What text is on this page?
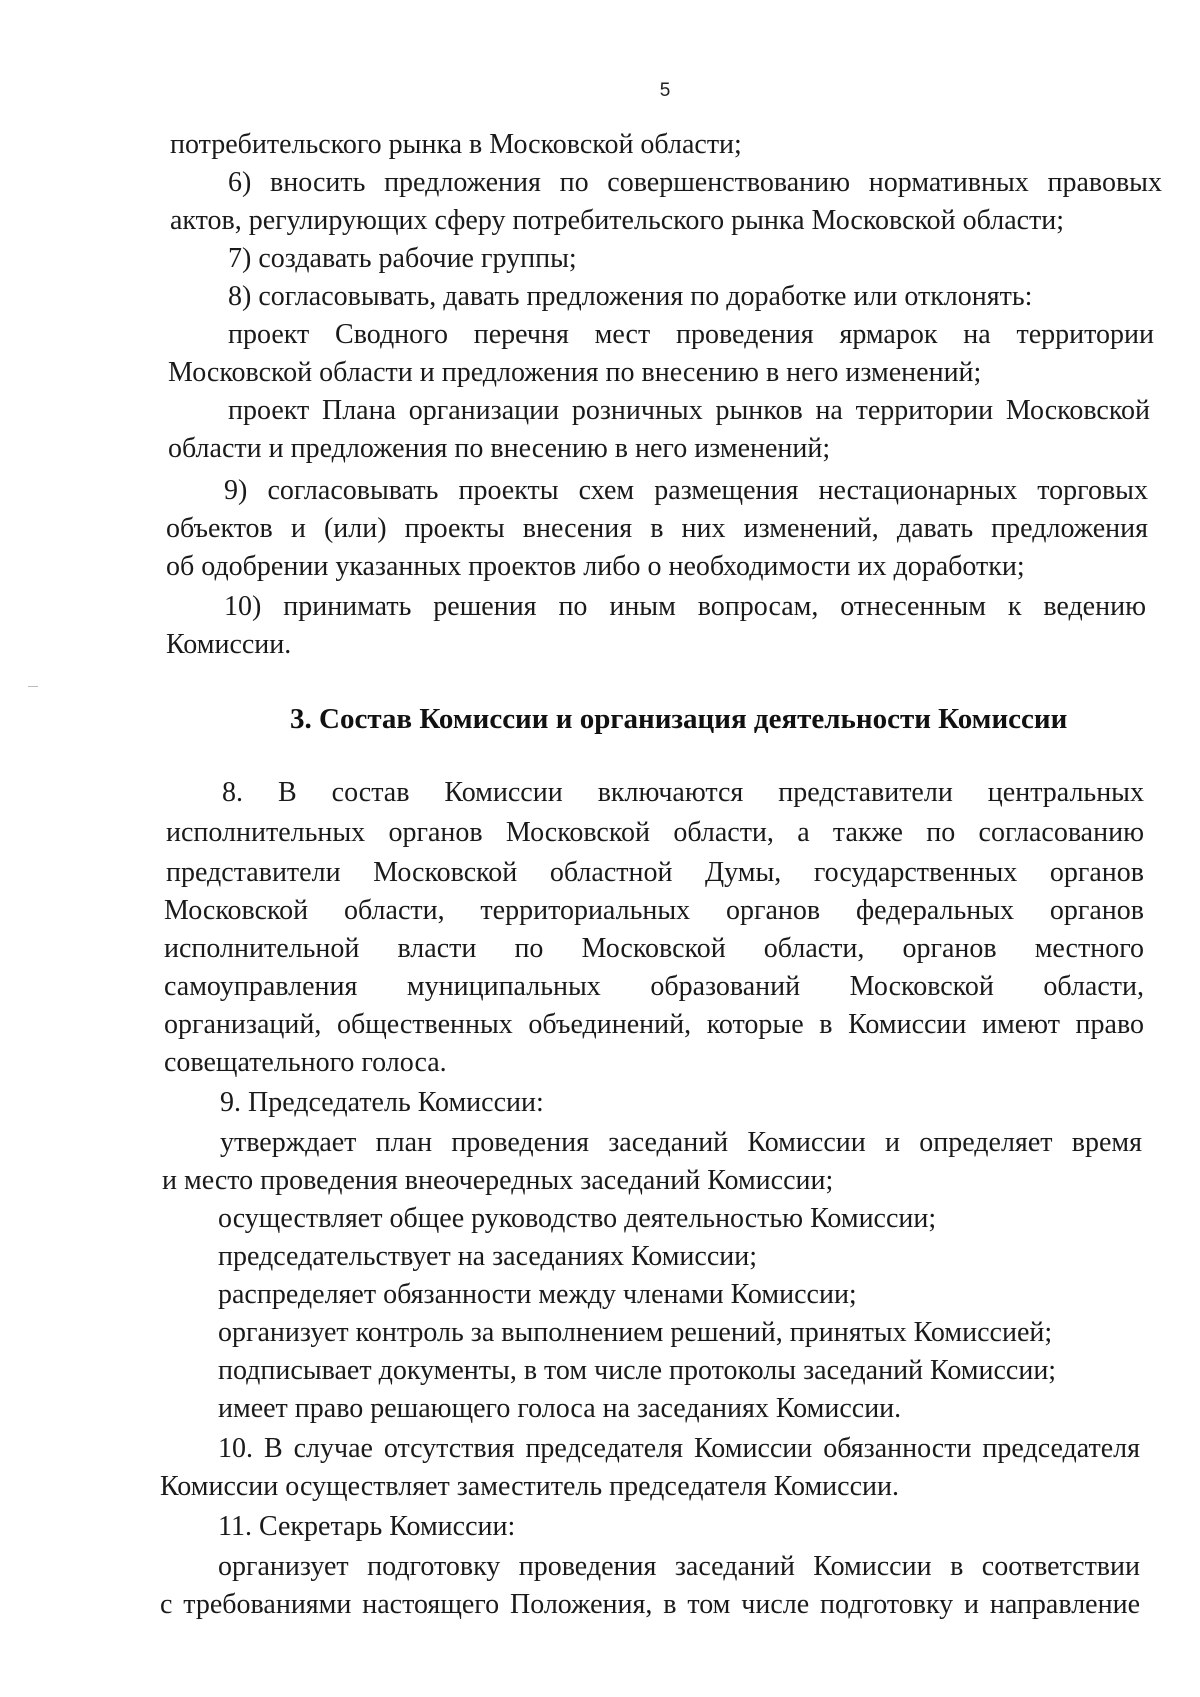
5
потребительского рынка в Московской области;
6) вносить предложения по совершенствованию нормативных правовых
актов, регулирующих сферу потребительского рынка Московской области;
7) создавать рабочие группы;
8) согласовывать, давать предложения по доработке или отклонять:
проект Сводного перечня мест проведения ярмарок на территории
Московской области и предложения по внесению в него изменений;
проект Плана организации розничных рынков на территории Московской
области и предложения по внесению в него изменений;
9) согласовывать проекты схем размещения нестационарных торговых
объектов и (или) проекты внесения в них изменений, давать предложения
об одобрении указанных проектов либо о необходимости их доработки;
10) принимать решения по иным вопросам, отнесенным к ведению
Комиссии.
3. Состав Комиссии и организация деятельности Комиссии
8. В состав Комиссии включаются представители центральных
исполнительных органов Московской области, а также по согласованию
представители Московской областной Думы, государственных органов
Московской области, территориальных органов федеральных органов
исполнительной власти по Московской области, органов местного
самоуправления муниципальных образований Московской области,
организаций, общественных объединений, которые в Комиссии имеют право
совещательного голоса.
9. Председатель Комиссии:
утверждает план проведения заседаний Комиссии и определяет время
и место проведения внеочередных заседаний Комиссии;
осуществляет общее руководство деятельностью Комиссии;
председательствует на заседаниях Комиссии;
распределяет обязанности между членами Комиссии;
организует контроль за выполнением решений, принятых Комиссией;
подписывает документы, в том числе протоколы заседаний Комиссии;
имеет право решающего голоса на заседаниях Комиссии.
10. В случае отсутствия председателя Комиссии обязанности председателя
Комиссии осуществляет заместитель председателя Комиссии.
11. Секретарь Комиссии:
организует подготовку проведения заседаний Комиссии в соответствии
с требованиями настоящего Положения, в том числе подготовку и направление
